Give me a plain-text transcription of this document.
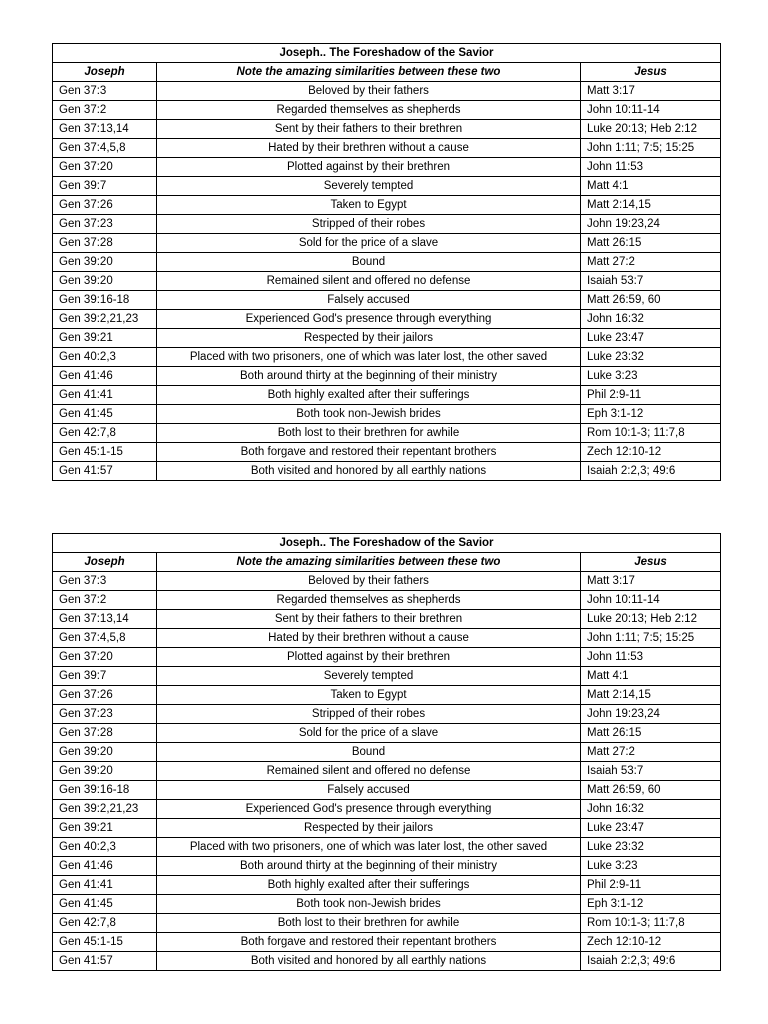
Joseph.. The Foreshadow of the Savior		
Joseph	Note the amazing similarities between these two	Jesus
Gen 37:3	Beloved by their fathers	Matt 3:17
Gen 37:2	Regarded themselves as shepherds	John 10:11-14
Gen 37:13,14	Sent by their fathers to their brethren	Luke 20:13; Heb 2:12
Gen 37:4,5,8	Hated by their brethren without a cause	John 1:11; 7:5; 15:25
Gen 37:20	Plotted against by their brethren	John 11:53
Gen 39:7	Severely tempted	Matt 4:1
Gen 37:26	Taken to Egypt	Matt 2:14,15
Gen 37:23	Stripped of their robes	John 19:23,24
Gen 37:28	Sold for the price of a slave	Matt 26:15
Gen 39:20	Bound	Matt 27:2
Gen 39:20	Remained silent and offered no defense	Isaiah 53:7
Gen 39:16-18	Falsely accused	Matt 26:59, 60
Gen 39:2,21,23	Experienced God's presence through everything	John 16:32
Gen 39:21	Respected by their jailors	Luke 23:47
Gen 40:2,3	Placed with two prisoners, one of which was later lost, the other saved	Luke 23:32
Gen 41:46	Both around thirty at the beginning of their ministry	Luke 3:23
Gen 41:41	Both highly exalted after their sufferings	Phil 2:9-11
Gen 41:45	Both took non-Jewish brides	Eph 3:1-12
Gen 42:7,8	Both lost to their brethren for awhile	Rom 10:1-3; 11:7,8
Gen 45:1-15	Both forgave and restored their repentant brothers	Zech 12:10-12
Gen 41:57	Both visited and honored by all earthly nations	Isaiah 2:2,3; 49:6
Joseph.. The Foreshadow of the Savior		
Joseph	Note the amazing similarities between these two	Jesus
Gen 37:3	Beloved by their fathers	Matt 3:17
Gen 37:2	Regarded themselves as shepherds	John 10:11-14
Gen 37:13,14	Sent by their fathers to their brethren	Luke 20:13; Heb 2:12
Gen 37:4,5,8	Hated by their brethren without a cause	John 1:11; 7:5; 15:25
Gen 37:20	Plotted against by their brethren	John 11:53
Gen 39:7	Severely tempted	Matt 4:1
Gen 37:26	Taken to Egypt	Matt 2:14,15
Gen 37:23	Stripped of their robes	John 19:23,24
Gen 37:28	Sold for the price of a slave	Matt 26:15
Gen 39:20	Bound	Matt 27:2
Gen 39:20	Remained silent and offered no defense	Isaiah 53:7
Gen 39:16-18	Falsely accused	Matt 26:59, 60
Gen 39:2,21,23	Experienced God's presence through everything	John 16:32
Gen 39:21	Respected by their jailors	Luke 23:47
Gen 40:2,3	Placed with two prisoners, one of which was later lost, the other saved	Luke 23:32
Gen 41:46	Both around thirty at the beginning of their ministry	Luke 3:23
Gen 41:41	Both highly exalted after their sufferings	Phil 2:9-11
Gen 41:45	Both took non-Jewish brides	Eph 3:1-12
Gen 42:7,8	Both lost to their brethren for awhile	Rom 10:1-3; 11:7,8
Gen 45:1-15	Both forgave and restored their repentant brothers	Zech 12:10-12
Gen 41:57	Both visited and honored by all earthly nations	Isaiah 2:2,3; 49:6
